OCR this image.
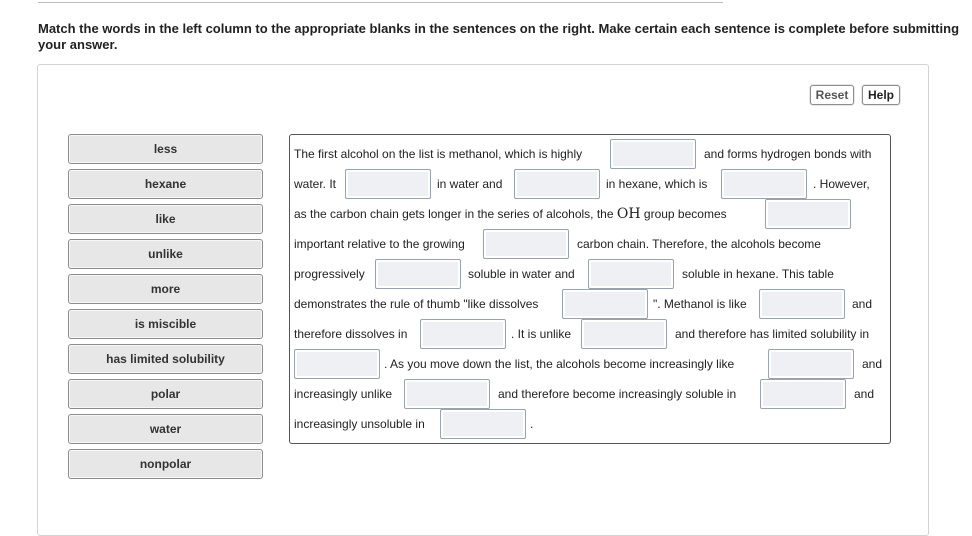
Match the words in the left column to the appropriate blanks in the sentences on the right. Make certain each sentence is complete before submitting your answer.
Reset	Help
less
hexane
like
unlike
more
is miscible
has limited solubility
polar
water
nonpolar
The first alcohol on the list is methanol, which is highly	and forms hydrogen bonds with
water. It	in water and	in hexane, which is	. However,
as the carbon chain gets longer in the series of alcohols, the OH group becomes
important relative to the growing	carbon chain. Therefore, the alcohols become
progressively	soluble in water and	soluble in hexane. This table
demonstrates the rule of thumb "like dissolves	". Methanol is like	and
therefore dissolves in	. It is unlike	and therefore has limited solubility in
. As you move down the list, the alcohols become increasingly like	and
increasingly unlike	and therefore become increasingly soluble in	and
increasingly unsoluble in	.
